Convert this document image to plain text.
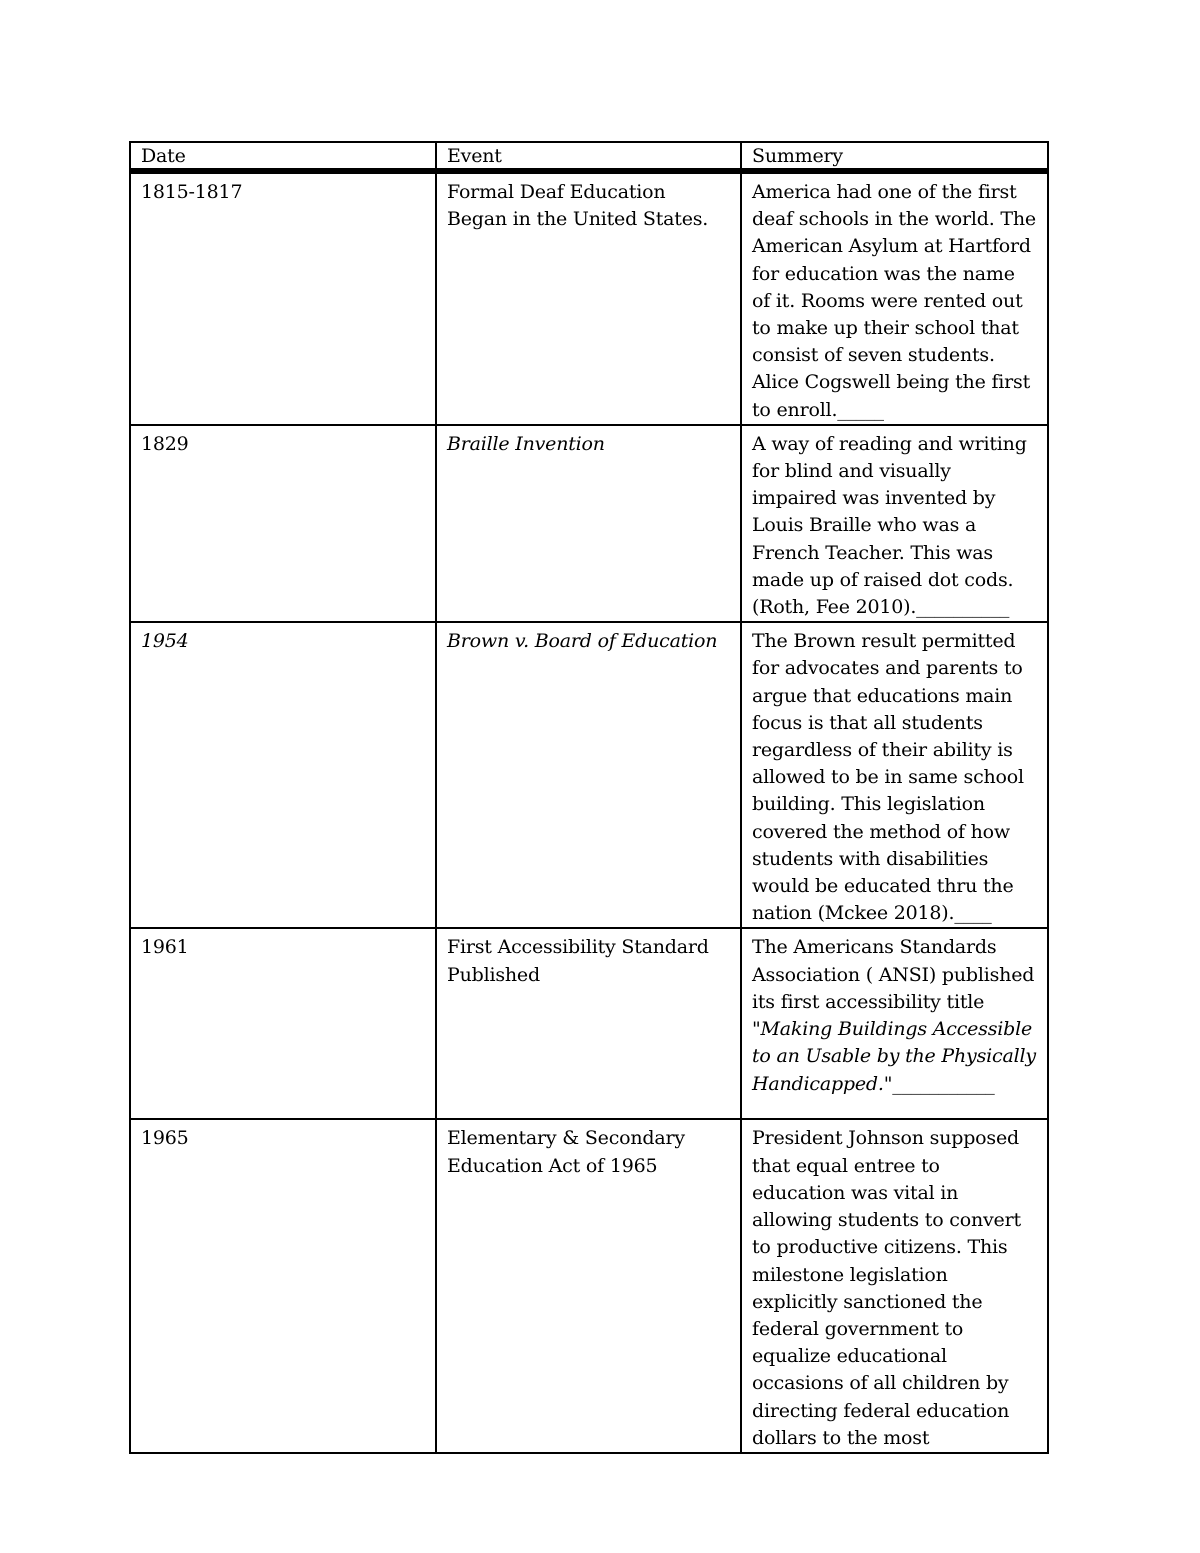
Date	Event	Summery
1815-1817	Formal Deaf Education Began in the United States.	America had one of the first deaf schools in the world. The American Asylum at Hartford for education was the name of it. Rooms were rented out to make up their school that consist of seven students. Alice Cogswell being the first to enroll._____
1829	Braille Invention	A way of reading and writing for blind and visually impaired was invented by Louis Braille who was a French Teacher. This was made up of raised dot cods. (Roth, Fee 2010).__________
1954	Brown v. Board of Education	The Brown result permitted for advocates and parents to argue that educations main focus is that all students regardless of their ability is allowed to be in same school building. This legislation covered the method of how students with disabilities would be educated thru the nation (Mckee 2018).____
1961	First Accessibility Standard Published	The Americans Standards Association ( ANSI) published its first accessibility title "Making Buildings Accessible to an Usable by the Physically Handicapped."___________
1965	Elementary & Secondary Education Act of 1965	President Johnson supposed that equal entree to education was vital in allowing students to convert to productive citizens. This milestone legislation explicitly sanctioned the federal government to equalize educational occasions of all children by directing federal education dollars to the most
